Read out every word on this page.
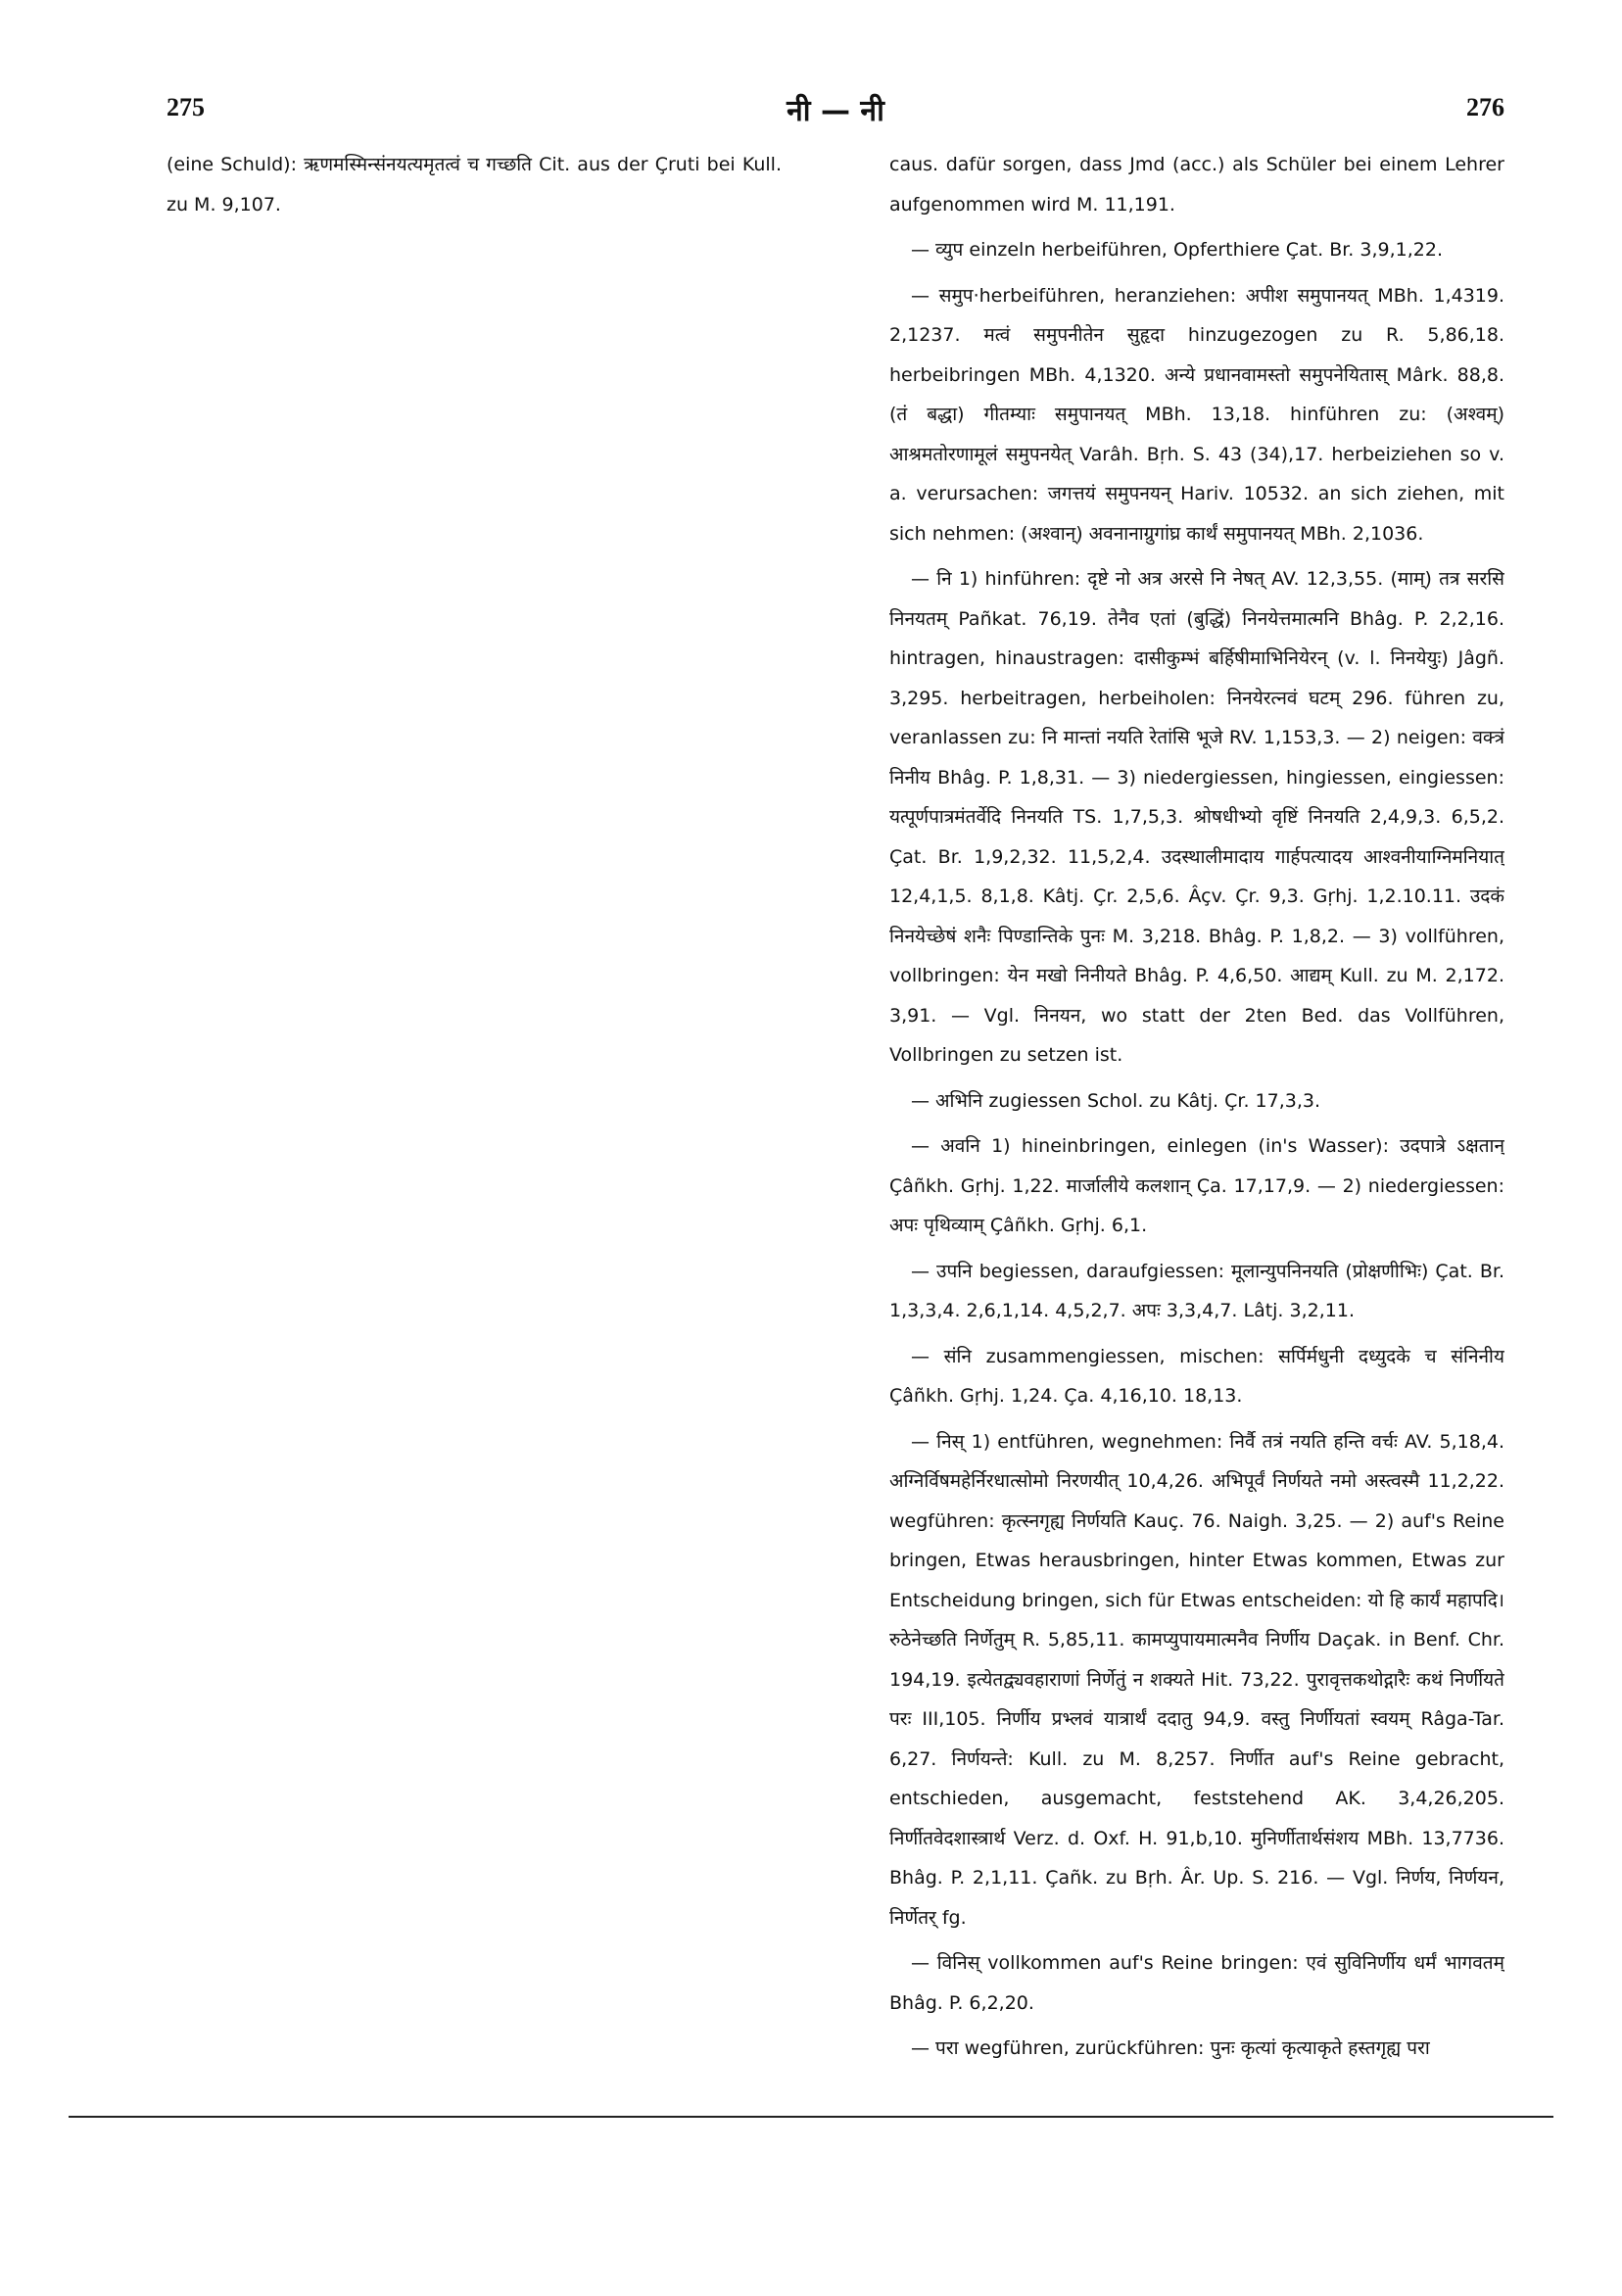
275	नी — नी	276

(eine Schuld): ऋणमस्मिन्संनयत्यमृतत्वं च गच्छति Cit. aus der Çruti bei Kull. zu M. 9,107.

caus. dafür sorgen, dass Jmd (acc.) als Schüler bei einem Lehrer aufgenommen wird M. 11,191.

— व्युप einzeln herbeiführen, Opferthiere Çat. Br. 3,9,1,22.

— समुप·herbeiführen, heranziehen: अपीश समुपानयत् MBh. 1,4319. 2,1237. मत्वं समुपनीतेन सुहृदा hinzugezogen zu R. 5,86,18. herbeibringen MBh. 4,1320. अन्ये प्रधानवामस्तो समुपनेयितास् Mârk. 88,8. (तं बद्धा) गीतम्याः समुपानयत् MBh. 13,18. hinführen zu: (अश्वम्) आश्रमतोरणामूलं समुपनयेत् Varâh. Bṛh. S. 43 (34),17. herbeiziehen so v. a. verursachen: जगत्तयं समुपनयन् Hariv. 10532. an sich ziehen, mit sich nehmen: (अश्वान्) अवनानाग्रुगांघ्र कार्थं समुपानयत् MBh. 2,1036.

— नि 1) hinführen: दृष्टे नो अत्र अरसे नि नेषत् AV. 12,3,55. (माम्) तत्र सरसि निनयतम् Pañkat. 76,19. तेनैव एतां (बुद्धिं) निनयेत्तमात्मनि Bhâg. P. 2,2,16. hintragen, hinaustragen: दासीकुम्भं बर्हिषीमाभिनियेरन् (v. l. निनयेयुः) Jâgñ. 3,295. herbeitragen, herbeiholen: निनयेरत्नवं घटम् 296. führen zu, veranlassen zu: नि मान्तां नयति रेतांसि भूजे RV. 1,153,3. — 2) neigen: वक्त्रं निनीय Bhâg. P. 1,8,31. — 3) niedergiessen, hingiessen, eingiessen: यत्पूर्णपात्रमंतर्वेदि निनयति TS. 1,7,5,3. श्रोषधीभ्यो वृष्टिं निनयति 2,4,9,3. 6,5,2. Çat. Br. 1,9,2,32. 11,5,2,4. उदस्थालीमादाय गार्हपत्यादय आश्वनीयाग्निमनियात् 12,4,1,5. 8,1,8. Kâtj. Çr. 2,5,6. Âçv. Çr. 9,3. Gṛhj. 1,2.10.11. उदकं निनयेच्छेषं शनैः पिण्डान्तिके पुनः M. 3,218. Bhâg. P. 1,8,2. — 3) vollführen, vollbringen: येन मखो निनीयते Bhâg. P. 4,6,50. आद्यम् Kull. zu M. 2,172. 3,91. — Vgl. निनयन, wo statt der 2ten Bed. das Vollführen, Vollbringen zu setzen ist.

— अभिनि zugiessen Schol. zu Kâtj. Çr. 17,3,3.

— अवनि 1) hineinbringen, einlegen (in's Wasser): उदपात्रे ऽक्षतान् Çâñkh. Gṛhj. 1,22. मार्जालीये कलशान् Ça. 17,17,9. — 2) niedergiessen: अपः पृथिव्याम् Çâñkh. Gṛhj. 6,1.

— उपनि begiessen, daraufgiessen: मूलान्युपनिनयति (प्रोक्षणीभिः) Çat. Br. 1,3,3,4. 2,6,1,14. 4,5,2,7. अपः 3,3,4,7. Lâtj. 3,2,11.

— संनि zusammengiessen, mischen: सर्पिर्मधुनी दध्युदके च संनिनीय Çâñkh. Gṛhj. 1,24. Ça. 4,16,10. 18,13.

— निस् 1) entführen, wegnehmen: निर्वै तत्रं नयति हन्ति वर्चः AV. 5,18,4. अग्निर्विषमहेर्निरधात्सोमो निरणयीत् 10,4,26. अभिपूर्वं निर्णयते नमो अस्त्वस्मै 11,2,22. wegführen: कृत्स्नगृह्य निर्णयति Kauç. 76. Naigh. 3,25. — 2) auf's Reine bringen, Etwas herausbringen, hinter Etwas kommen, Etwas zur Entscheidung bringen, sich für Etwas entscheiden: यो हि कार्यं महापदि। रुठेनेच्छति निर्णेतुम् R. 5,85,11. कामप्युपायमात्मनैव निर्णीय Daçak. in Benf. Chr. 194,19. इत्येतद्व्यवहाराणां निर्णेतुं न शक्यते Hit. 73,22. पुरावृत्तकथोद्गारैः कथं निर्णीयते परः III,105. निर्णीय प्रभ्लवं यात्रार्थं ददातु 94,9. वस्तु निर्णीयतां स्वयम् Râga-Tar. 6,27. निर्णयन्ते: Kull. zu M. 8,257. निर्णीत auf's Reine gebracht, entschieden, ausgemacht, feststehend AK. 3,4,26,205. निर्णीतवेदशास्त्रार्थ Verz. d. Oxf. H. 91,b,10. मुनिर्णीतार्थसंशय MBh. 13,7736. Bhâg. P. 2,1,11. Çañk. zu Bṛh. Âr. Up. S. 216. — Vgl. निर्णय, निर्णयन, निर्णेतर् fg.

— विनिस् vollkommen auf's Reine bringen: एवं सुविनिर्णीय धर्मं भागवतम् Bhâg. P. 6,2,20.

— परा wegführen, zurückführen: पुनः कृत्यां कृत्याकृते हस्तगृह्य परा
